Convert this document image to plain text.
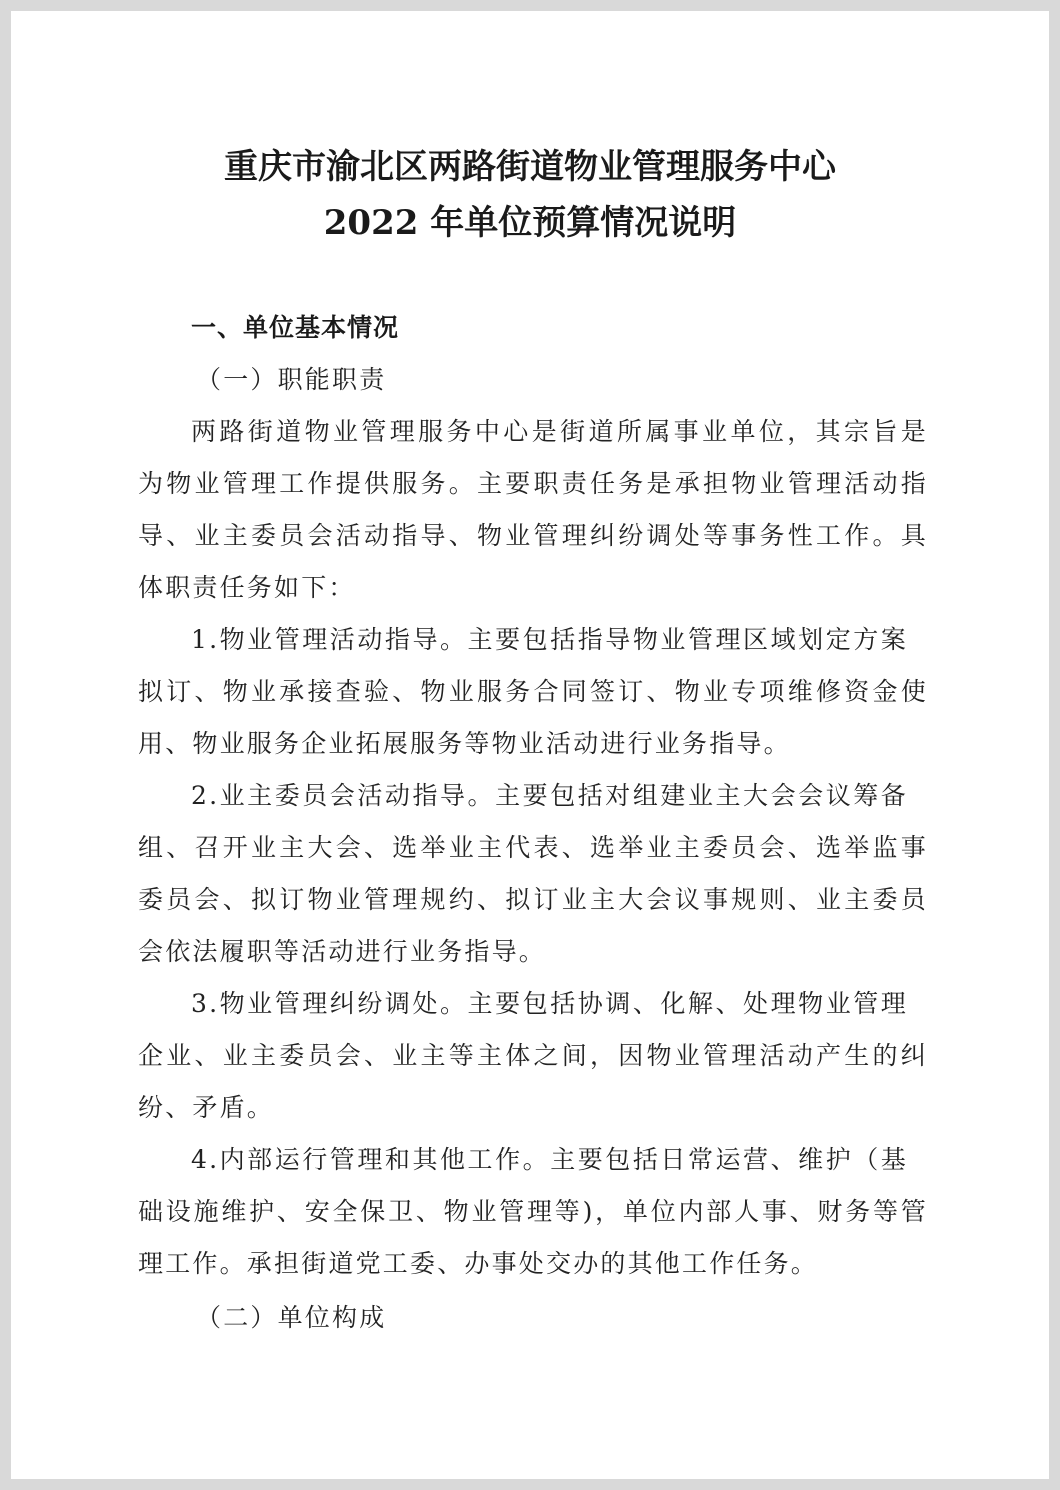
重庆市渝北区两路街道物业管理服务中心
2022 年单位预算情况说明
一、单位基本情况
（一）职能职责
两路街道物业管理服务中心是街道所属事业单位，其宗旨是
为物业管理工作提供服务。主要职责任务是承担物业管理活动指
导、业主委员会活动指导、物业管理纠纷调处等事务性工作。具
体职责任务如下：
1.物业管理活动指导。主要包括指导物业管理区域划定方案
拟订、物业承接查验、物业服务合同签订、物业专项维修资金使
用、物业服务企业拓展服务等物业活动进行业务指导。
2.业主委员会活动指导。主要包括对组建业主大会会议筹备
组、召开业主大会、选举业主代表、选举业主委员会、选举监事
委员会、拟订物业管理规约、拟订业主大会议事规则、业主委员
会依法履职等活动进行业务指导。
3.物业管理纠纷调处。主要包括协调、化解、处理物业管理
企业、业主委员会、业主等主体之间，因物业管理活动产生的纠
纷、矛盾。
4.内部运行管理和其他工作。主要包括日常运营、维护（基
础设施维护、安全保卫、物业管理等)，单位内部人事、财务等管
理工作。承担街道党工委、办事处交办的其他工作任务。
（二）单位构成
